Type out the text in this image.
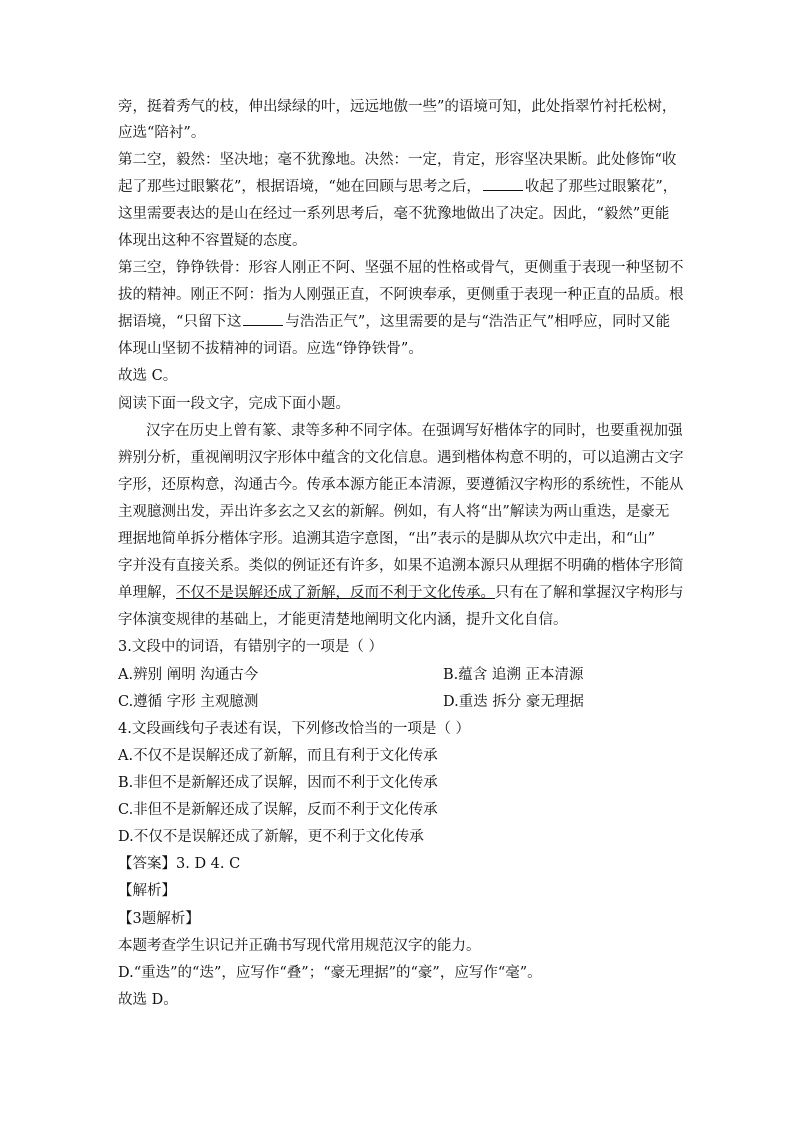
旁，挺着秀气的枝，伸出绿绿的叶，远远地傲一些”的语境可知，此处指翠竹衬托松树，
应选“陪衬”。
第二空，毅然：坚决地；毫不犹豫地。决然：一定，肯定，形容坚决果断。此处修饰“收
起了那些过眼繁花”，根据语境，“她在回顾与思考之后，	收起了那些过眼繁花”，
这里需要表达的是山在经过一系列思考后，毫不犹豫地做出了决定。因此，“毅然”更能
体现出这种不容置疑的态度。
第三空，铮铮铁骨：形容人刚正不阿、坚强不屈的性格或骨气，更侧重于表现一种坚韧不
拔的精神。刚正不阿：指为人刚强正直，不阿谀奉承，更侧重于表现一种正直的品质。根
据语境，“只留下这	与浩浩正气”，这里需要的是与“浩浩正气”相呼应，同时又能
体现山坚韧不拔精神的词语。应选“铮铮铁骨”。
故选 C。
阅读下面一段文字，完成下面小题。
汉字在历史上曾有篆、隶等多种不同字体。在强调写好楷体字的同时，也要重视加强
辨别分析，重视阐明汉字形体中蕴含的文化信息。遇到楷体构意不明的，可以追溯古文字
字形，还原构意，沟通古今。传承本源方能正本清源，要遵循汉字构形的系统性，不能从
主观臆测出发，弄出许多玄之又玄的新解。例如，有人将“出”解读为两山重迭，是豪无
理据地简单拆分楷体字形。追溯其造字意图，“出”表示的是脚从坎穴中走出，和“山”
字并没有直接关系。类似的例证还有许多，如果不追溯本源只从理据不明确的楷体字形简
单理解，不仅不是误解还成了新解，反而不利于文化传承。只有在了解和掌握汉字构形与
字体演变规律的基础上，才能更清楚地阐明文化内涵，提升文化自信。
3.文段中的词语，有错别字的一项是（ ）
A.辨别 阐明 沟通古今	B.蕴含 追溯 正本清源
C.遵循 字形 主观臆测	D.重迭 拆分 豪无理据
4.文段画线句子表述有误，下列修改恰当的一项是（ ）
A.不仅不是误解还成了新解，而且有利于文化传承
B.非但不是新解还成了误解，因而不利于文化传承
C.非但不是新解还成了误解，反而不利于文化传承
D.不仅不是误解还成了新解，更不利于文化传承
【答案】3. D 4. C
【解析】
【3题解析】
本题考查学生识记并正确书写现代常用规范汉字的能力。
D.“重迭”的“迭”，应写作“叠”；“豪无理据”的“豪”，应写作“毫”。
故选 D。
